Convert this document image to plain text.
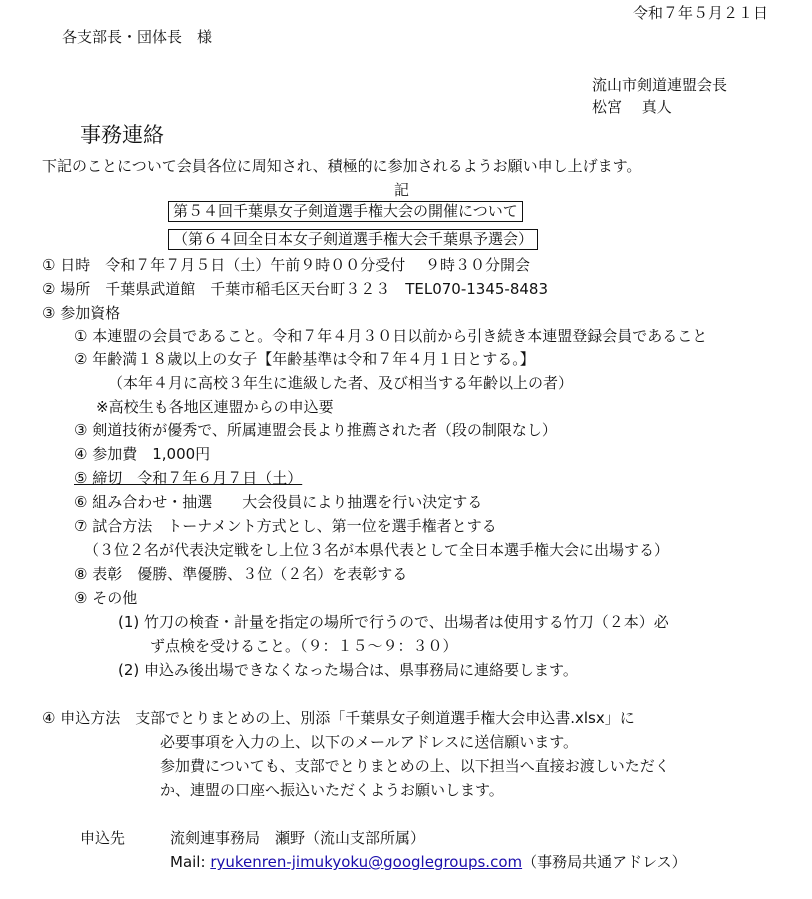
令和７年５月２１日
各支部長・団体長　様
流山市剣道連盟会長
松宮　 真人
事務連絡
下記のことについて会員各位に周知され、積極的に参加されるようお願い申し上げます。
記
第５４回千葉県女子剣道選手権大会の開催について
（第６４回全日本女子剣道選手権大会千葉県予選会）
① 日時　令和７年７月５日（土）午前９時００分受付　 ９時３０分開会
② 場所　千葉県武道館　千葉市稲毛区天台町３２３　TEL070-1345-8483
③ 参加資格
① 本連盟の会員であること。令和７年４月３０日以前から引き続き本連盟登録会員であること
② 年齢満１８歳以上の女子【年齢基準は令和７年４月１日とする。】
（本年４月に高校３年生に進級した者、及び相当する年齢以上の者）
※高校生も各地区連盟からの申込要
③ 剣道技術が優秀で、所属連盟会長より推薦された者（段の制限なし）
④ 参加費　1,000円
⑤ 締切　令和７年６月７日（土）
⑥ 組み合わせ・抽選　　大会役員により抽選を行い決定する
⑦ 試合方法　トーナメント方式とし、第一位を選手権者とする
（３位２名が代表決定戦をし上位３名が本県代表として全日本選手権大会に出場する）
⑧ 表彰　優勝、準優勝、３位（２名）を表彰する
⑨ その他
(1) 竹刀の検査・計量を指定の場所で行うので、出場者は使用する竹刀（２本）必
ず点検を受けること。（９：１５～９：３０）
(2) 申込み後出場できなくなった場合は、県事務局に連絡要します。
④ 申込方法　支部でとりまとめの上、別添「千葉県女子剣道選手権大会申込書.xlsx」に
必要事項を入力の上、以下のメールアドレスに送信願います。
参加費についても、支部でとりまとめの上、以下担当へ直接お渡しいただく
か、連盟の口座へ振込いただくようお願いします。
申込先	流剣連事務局　瀬野（流山支部所属）
Mail: ryukenren-jimukyoku@googlegroups.com（事務局共通アドレス）
